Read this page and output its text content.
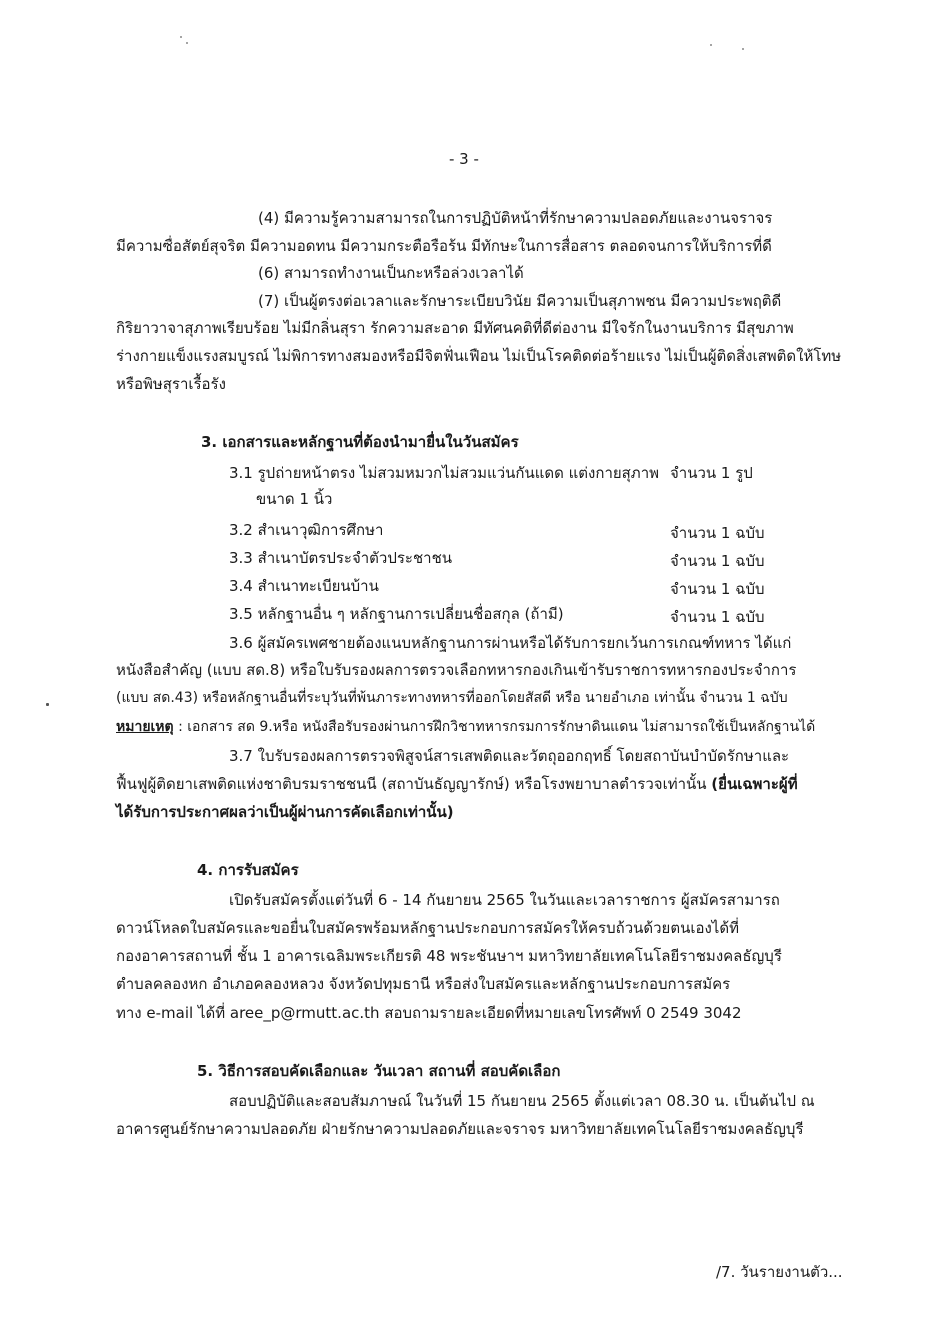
- 3 -
(4) มีความรู้ความสามารถในการปฏิบัติหน้าที่รักษาความปลอดภัยและงานจราจร
มีความซื่อสัตย์สุจริต มีความอดทน มีความกระตือรือร้น มีทักษะในการสื่อสาร ตลอดจนการให้บริการที่ดี
(6) สามารถทำงานเป็นกะหรือล่วงเวลาได้
(7) เป็นผู้ตรงต่อเวลาและรักษาระเบียบวินัย มีความเป็นสุภาพชน มีความประพฤติดี
กิริยาวาจาสุภาพเรียบร้อย ไม่มีกลิ่นสุรา รักความสะอาด มีทัศนคติที่ดีต่องาน มีใจรักในงานบริการ มีสุขภาพ
ร่างกายแข็งแรงสมบูรณ์ ไม่พิการทางสมองหรือมีจิตฟั่นเฟือน ไม่เป็นโรคติดต่อร้ายแรง ไม่เป็นผู้ติดสิ่งเสพติดให้โทษ
หรือพิษสุราเรื้อรัง
3. เอกสารและหลักฐานที่ต้องนำมายื่นในวันสมัคร
3.1 รูปถ่ายหน้าตรง ไม่สวมหมวกไม่สวมแว่นกันแดด แต่งกายสุภาพ จำนวน 1 รูป
ขนาด 1 นิ้ว
3.2 สำเนาวุฒิการศึกษา	จำนวน 1 ฉบับ
3.3 สำเนาบัตรประจำตัวประชาชน	จำนวน 1 ฉบับ
3.4 สำเนาทะเบียนบ้าน	จำนวน 1 ฉบับ
3.5 หลักฐานอื่น ๆ หลักฐานการเปลี่ยนชื่อสกุล (ถ้ามี)	จำนวน 1 ฉบับ
3.6 ผู้สมัครเพศชายต้องแนบหลักฐานการผ่านหรือได้รับการยกเว้นการเกณฑ์ทหาร ได้แก่
หนังสือสำคัญ (แบบ สด.8) หรือใบรับรองผลการตรวจเลือกทหารกองเกินเข้ารับราชการทหารกองประจำการ
(แบบ สด.43) หรือหลักฐานอื่นที่ระบุวันที่พ้นภาระทางทหารที่ออกโดยสัสดี หรือ นายอำเภอ เท่านั้น จำนวน 1 ฉบับ
หมายเหตุ : เอกสาร สด 9.หรือ หนังสือรับรองผ่านการฝึกวิชาทหารกรมการรักษาดินแดน ไม่สามารถใช้เป็นหลักฐานได้
3.7 ใบรับรองผลการตรวจพิสูจน์สารเสพติดและวัตถุออกฤทธิ์ โดยสถาบันบำบัดรักษาและ
ฟื้นฟูผู้ติดยาเสพติดแห่งชาติบรมราชชนนี (สถาบันธัญญารักษ์) หรือโรงพยาบาลตำรวจเท่านั้น (ยื่นเฉพาะผู้ที่
ได้รับการประกาศผลว่าเป็นผู้ผ่านการคัดเลือกเท่านั้น)
4. การรับสมัคร
เปิดรับสมัครตั้งแต่วันที่ 6 - 14 กันยายน 2565 ในวันและเวลาราชการ ผู้สมัครสามารถ
ดาวน์โหลดใบสมัครและขอยื่นใบสมัครพร้อมหลักฐานประกอบการสมัครให้ครบถ้วนด้วยตนเองได้ที่
กองอาคารสถานที่ ชั้น 1 อาคารเฉลิมพระเกียรติ 48 พระชันษาฯ มหาวิทยาลัยเทคโนโลยีราชมงคลธัญบุรี
ตำบลคลองหก อำเภอคลองหลวง จังหวัดปทุมธานี หรือส่งใบสมัครและหลักฐานประกอบการสมัคร
ทาง e-mail ได้ที่ aree_p@rmutt.ac.th สอบถามรายละเอียดที่หมายเลขโทรศัพท์ 0 2549 3042
5. วิธีการสอบคัดเลือกและ วันเวลา สถานที่ สอบคัดเลือก
สอบปฏิบัติและสอบสัมภาษณ์ ในวันที่ 15 กันยายน 2565 ตั้งแต่เวลา 08.30 น. เป็นต้นไป ณ
อาคารศูนย์รักษาความปลอดภัย ฝ่ายรักษาความปลอดภัยและจราจร มหาวิทยาลัยเทคโนโลยีราชมงคลธัญบุรี
/7. วันรายงานตัว...
